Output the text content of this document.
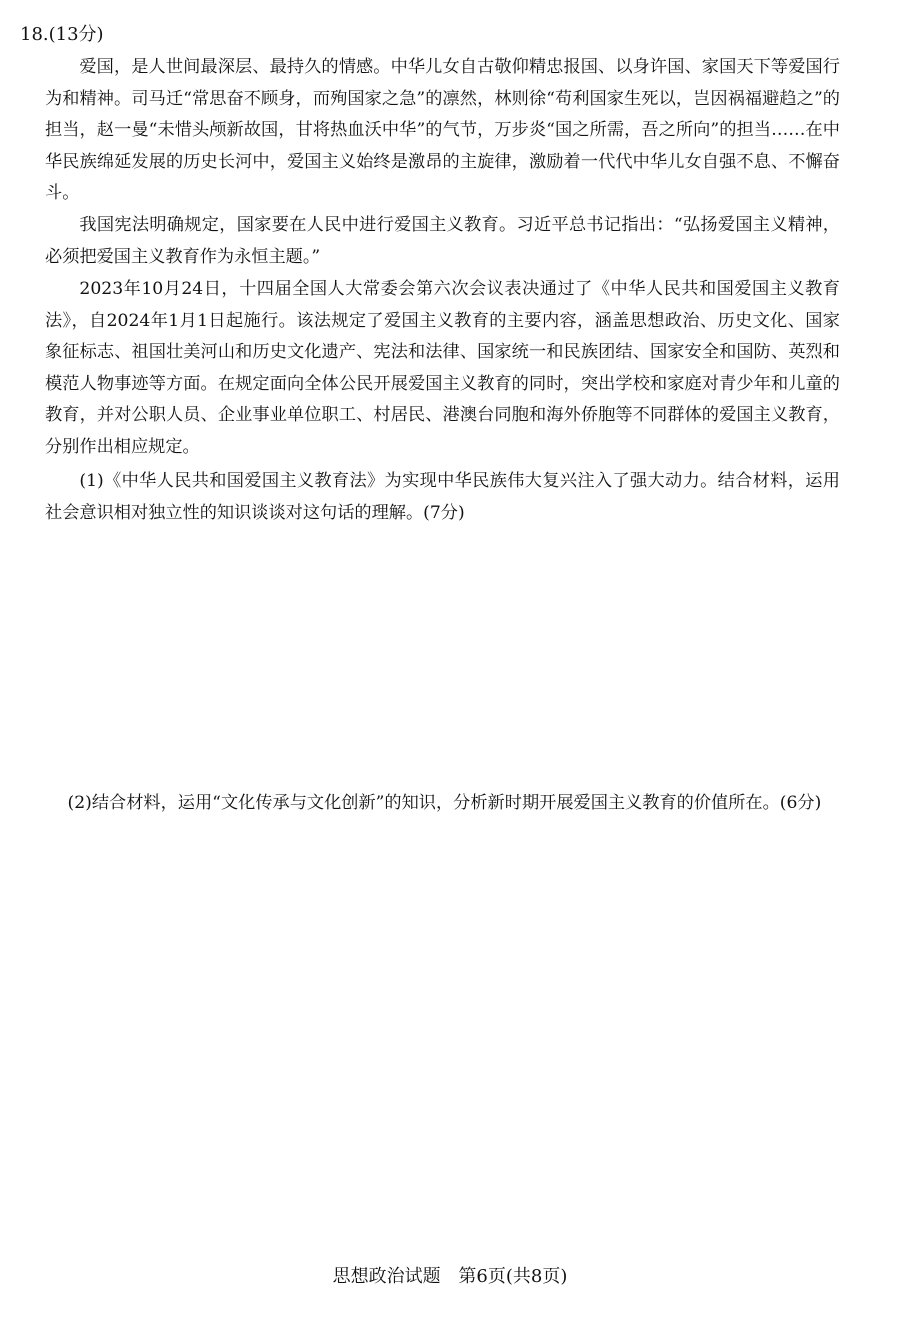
18.(13分)

爱国，是人世间最深层、最持久的情感。中华儿女自古敬仰精忠报国、以身许国、家国天下等爱国行为和精神。司马迁“常思奋不顾身，而殉国家之急”的凛然，林则徐“苟利国家生死以，岂因祸福避趋之”的担当，赵一曼“未惜头颅新故国，甘将热血沃中华”的气节，万步炎“国之所需，吾之所向”的担当……在中华民族绵延发展的历史长河中，爱国主义始终是激昂的主旋律，激励着一代代中华儿女自强不息、不懈奋斗。

我国宪法明确规定，国家要在人民中进行爱国主义教育。习近平总书记指出：“弘扬爱国主义精神，必须把爱国主义教育作为永恒主题。”

2023年10月24日，十四届全国人大常委会第六次会议表决通过了《中华人民共和国爱国主义教育法》，自2024年1月1日起施行。该法规定了爱国主义教育的主要内容，涵盖思想政治、历史文化、国家象征标志、祖国壮美河山和历史文化遗产、宪法和法律、国家统一和民族团结、国家安全和国防、英烈和模范人物事迹等方面。在规定面向全体公民开展爱国主义教育的同时，突出学校和家庭对青少年和儿童的教育，并对公职人员、企业事业单位职工、村居民、港澳台同胞和海外侨胞等不同群体的爱国主义教育，分别作出相应规定。

(1)《中华人民共和国爱国主义教育法》为实现中华民族伟大复兴注入了强大动力。结合材料，运用社会意识相对独立性的知识谈谈对这句话的理解。(7分)

(2)结合材料，运用“文化传承与文化创新”的知识，分析新时期开展爱国主义教育的价值所在。(6分)

思想政治试题 第6页(共8页)
